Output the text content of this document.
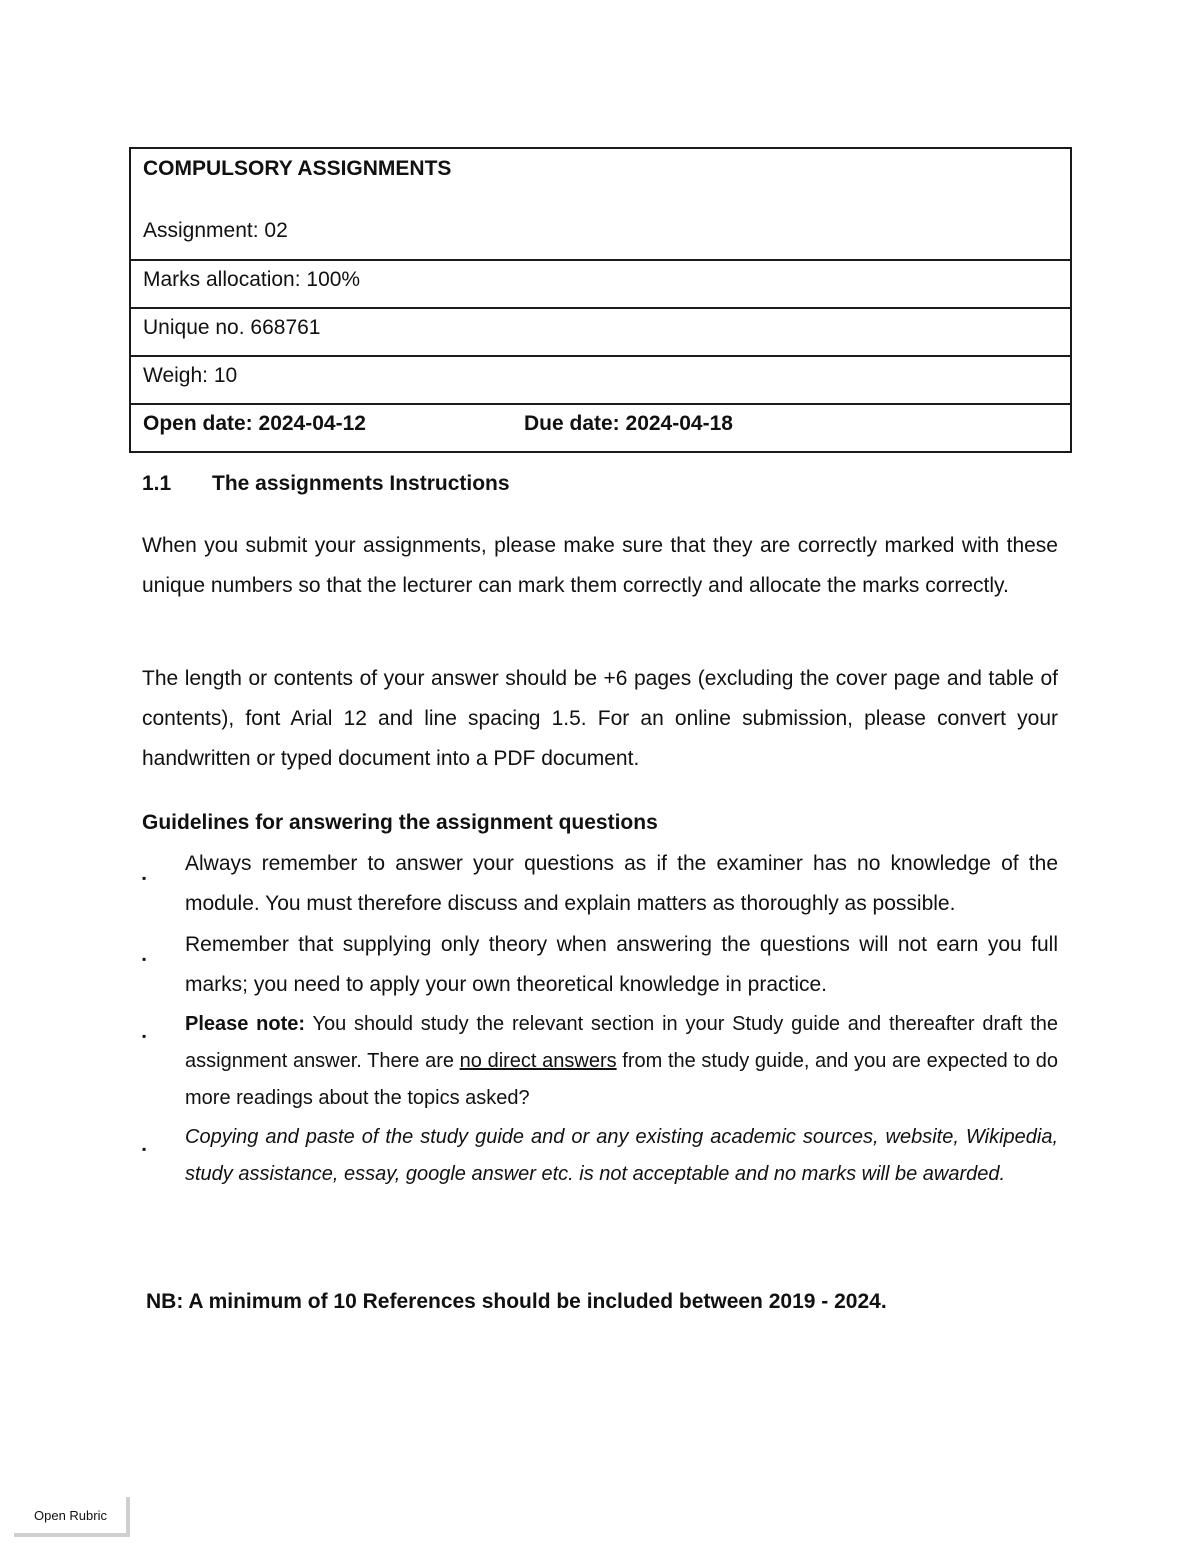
COMPULSORY ASSIGNMENTS
Assignment: 02

Marks allocation: 100%
Unique no. 668761
Weigh: 10
Open date: 2024-04-12	Due date: 2024-04-18
1.1 The assignments Instructions

When you submit your assignments, please make sure that they are correctly marked with these unique numbers so that the lecturer can mark them correctly and allocate the marks correctly.

The length or contents of your answer should be +6 pages (excluding the cover page and table of contents), font Arial 12 and line spacing 1.5. For an online submission, please convert your handwritten or typed document into a PDF document.

Guidelines for answering the assignment questions
▪
Always remember to answer your questions as if the examiner has no knowledge of the module. You must therefore discuss and explain matters as thoroughly as possible.
▪
Remember that supplying only theory when answering the questions will not earn you full marks; you need to apply your own theoretical knowledge in practice.
▪
Please note: You should study the relevant section in your Study guide and thereafter draft the assignment answer. There are no direct answers from the study guide, and you are expected to do more readings about the topics asked?
▪
Copying and paste of the study guide and or any existing academic sources, website, Wikipedia, study assistance, essay, google answer etc. is not acceptable and no marks will be awarded.
NB: A minimum of 10 References should be included between 2019 - 2024.
Open Rubric
